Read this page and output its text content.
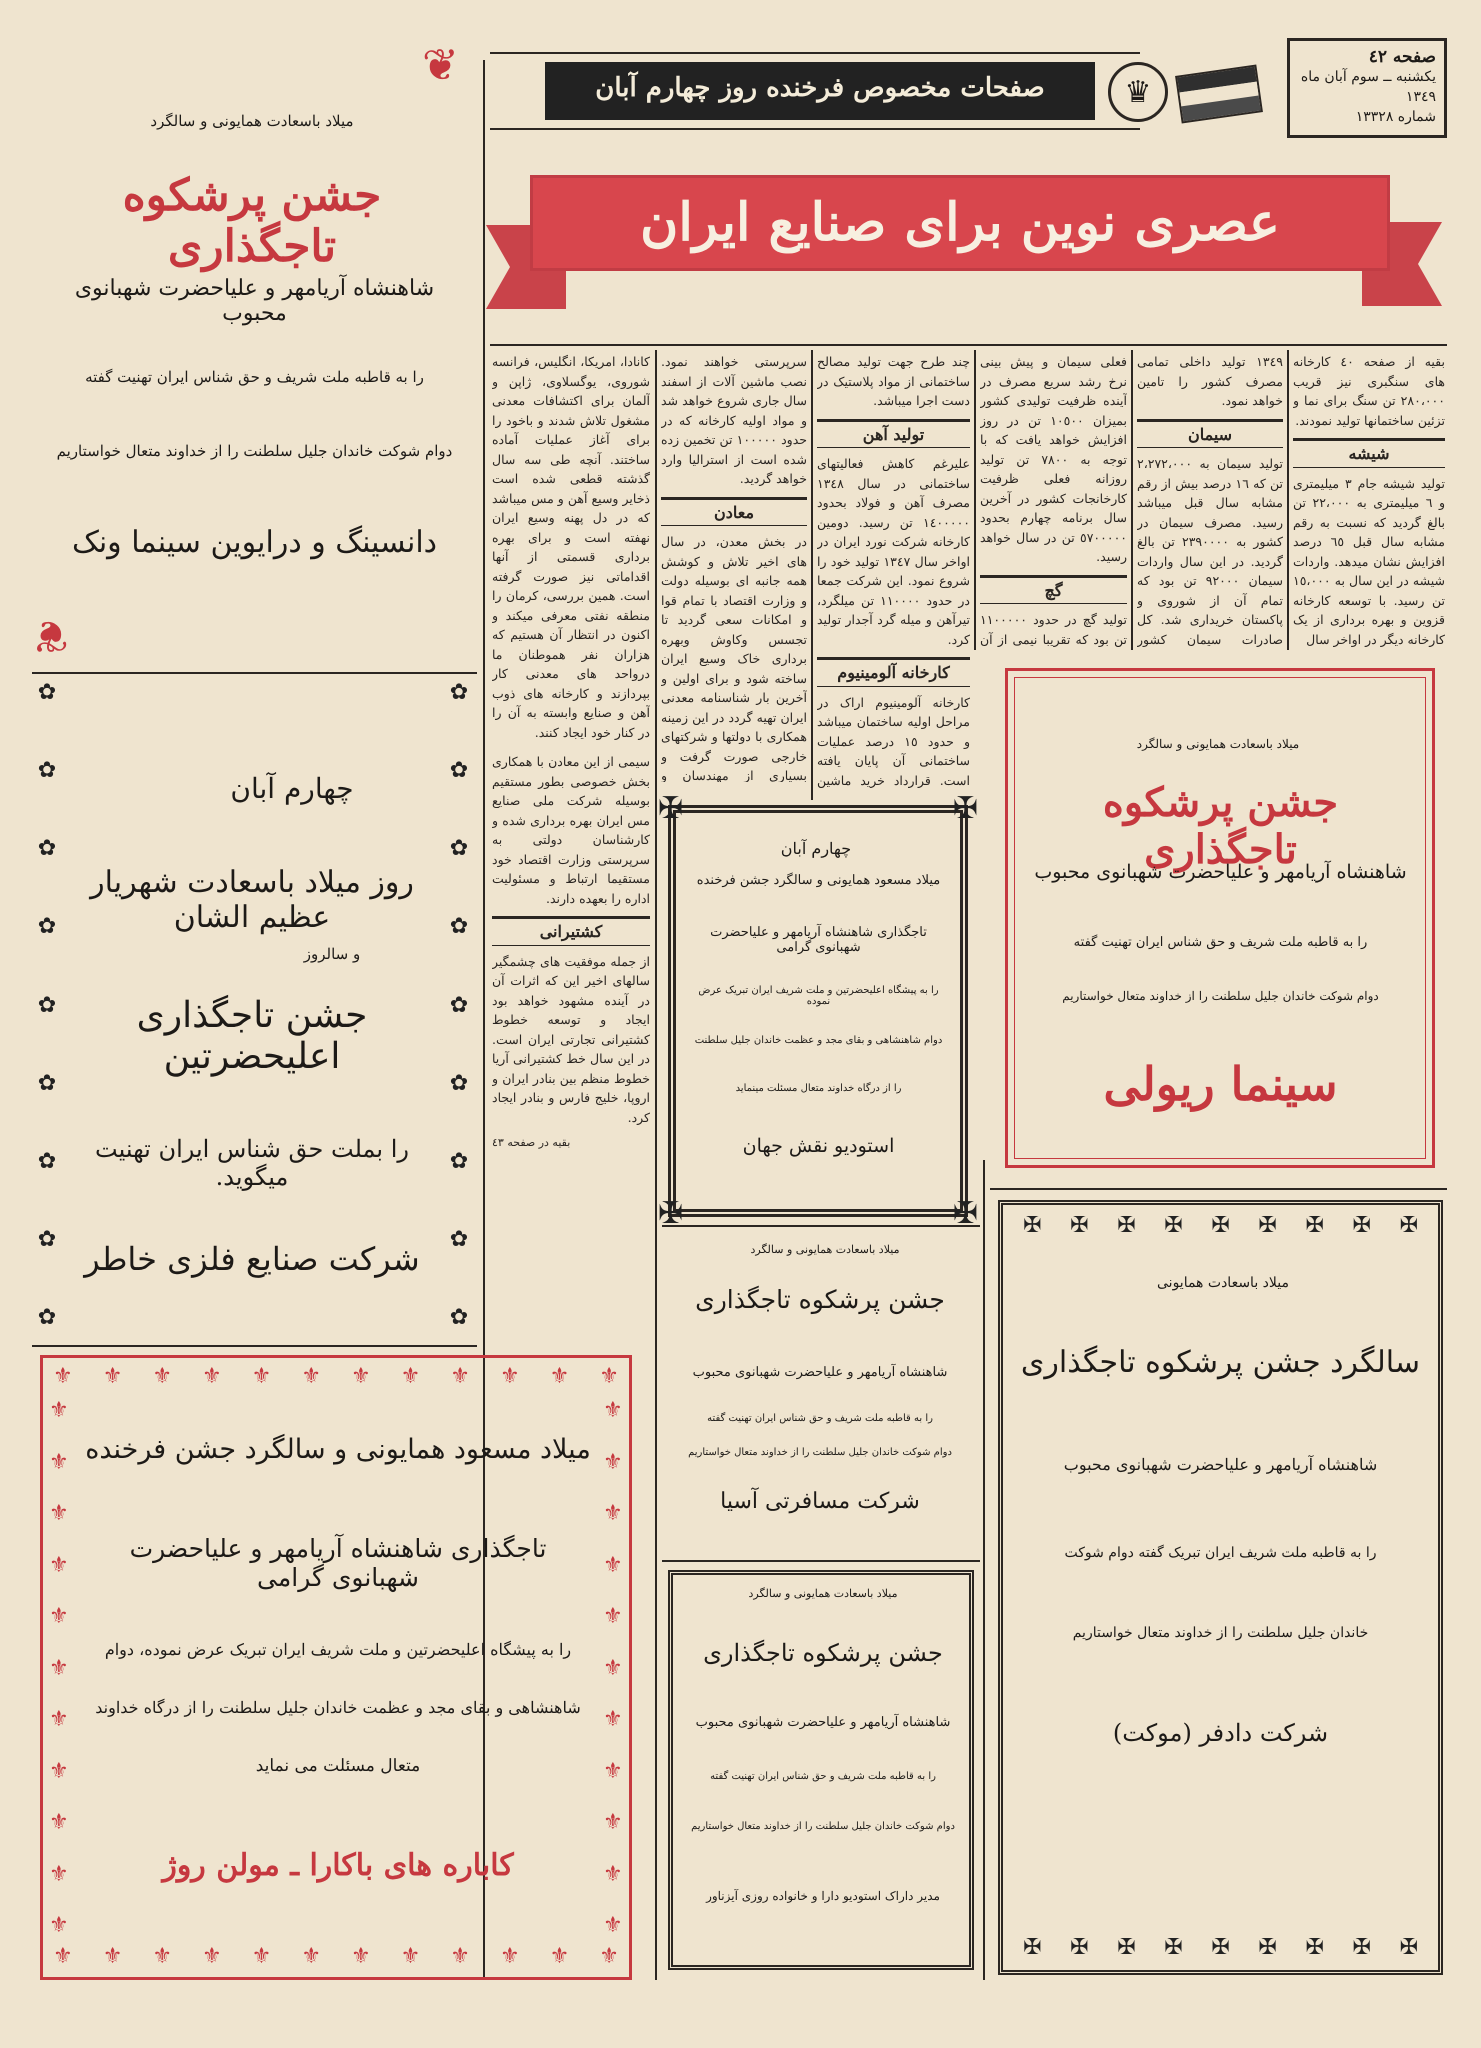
صفحه ٤٢
یکشنبه ــ سوم آبان ماه ١٣٤٩
شماره ١٣٣٢٨
♛
صفحات مخصوص فرخنده روز چهارم آبان
عصری نوین برای صنایع ایران
بقیه از صفحه ٤٠ کارخانه های سنگبری نیز قریب ٢٨٠،٠٠٠ تن سنگ برای نما و تزئین ساختمانها تولید نمودند.
شیشه
تولید شیشه جام ٣ میلیمتری و ٦ میلیمتری به ٢٢،٠٠٠ تن بالغ گردید که نسبت به رقم مشابه سال قبل ٦٥ درصد افزایش نشان میدهد. واردات شیشه در این سال به ١٥،٠٠٠ تن رسید. با توسعه کارخانه قزوین و بهره برداری از یک کارخانه دیگر در اواخر سال
١٣٤٩ تولید داخلی تمامی مصرف کشور را تامین خواهد نمود.
سیمان
تولید سیمان به ٢،٢٧٢،٠٠٠ تن که ١٦ درصد بیش از رقم مشابه سال قبل میباشد رسید. مصرف سیمان در کشور به ٢٣٩٠٠٠٠ تن بالغ گردید. در این سال واردات سیمان ٩٢٠٠٠ تن بود که تمام آن از شوروی و پاکستان خریداری شد. کل صادرات سیمان کشور
فعلی سیمان و پیش بینی نرخ رشد سریع مصرف در آینده ظرفیت تولیدی کشور بمیزان ١٠٥٠٠ تن در روز افزایش خواهد یافت که با توجه به ٧٨٠٠ تن تولید روزانه فعلی ظرفیت کارخانجات کشور در آخرین سال برنامه چهارم بحدود ٥٧٠٠٠٠٠ تن در سال خواهد رسید.
گچ
تولید گچ در حدود ١١٠٠٠٠٠ تن بود که تقریبا نیمی از آن
چند طرح جهت تولید مصالح ساختمانی از مواد پلاستیک در دست اجرا میباشد.
تولید آهن
علیرغم کاهش فعالیتهای ساختمانی در سال ١٣٤٨ مصرف آهن و فولاد بحدود ١٤٠٠٠٠٠ تن رسید. دومین کارخانه شرکت نورد ایران در اواخر سال ١٣٤٧ تولید خود را شروع نمود. این شرکت جمعا در حدود ١١٠٠٠٠ تن میلگرد، تیرآهن و میله گرد آجدار تولید کرد.
کارخانه آلومینیوم
کارخانه آلومینیوم اراک در مراحل اولیه ساختمان میباشد و حدود ١٥ درصد عملیات ساختمانی آن پایان یافته است. قرارداد خرید ماشین
سرپرستی خواهند نمود. نصب ماشین آلات از اسفند سال جاری شروع خواهد شد و مواد اولیه کارخانه که در حدود ١٠٠٠٠٠ تن تخمین زده شده است از استرالیا وارد خواهد گردید.
معادن
در بخش معدن، در سال های اخیر تلاش و کوشش همه جانبه ای بوسیله دولت و وزارت اقتصاد با تمام قوا و امکانات سعی گردید تا تجسس وکاوش وبهره برداری خاک وسیع ایران ساخته شود و برای اولین و آخرین بار شناسنامه معدنی ایران تهیه گردد در این زمینه همکاری با دولتها و شرکتهای خارجی صورت گرفت و بسیاری از مهندسان و
کانادا، امریکا، انگلیس، فرانسه شوروی، یوگسلاوی، ژاپن و آلمان برای اکتشافات معدنی مشغول تلاش شدند و باخود را برای آغاز عملیات آماده ساختند. آنچه طی سه سال گذشته قطعی شده است ذخایر وسیع آهن و مس میباشد که در دل پهنه وسیع ایران نهفته است و برای بهره برداری قسمتی از آنها اقداماتی نیز صورت گرفته است. همین بررسی، کرمان را منطقه نفتی معرفی میکند و اکنون در انتظار آن هستیم که هزاران نفر هموطنان ما درواحد های معدنی کار بپردازند و کارخانه های ذوب آهن و صنایع وابسته به آن را در کنار خود ایجاد کنند.
سیمی از این معادن با همکاری بخش خصوصی بطور مستقیم بوسیله شرکت ملی صنایع مس ایران بهره برداری شده و کارشناسان دولتی به سرپرستی وزارت اقتصاد خود مستقیما ارتباط و مسئولیت اداره را بعهده دارند.
کشتیرانی
از جمله موفقیت های چشمگیر سالهای اخیر این که اثرات آن در آینده مشهود خواهد بود ایجاد و توسعه خطوط کشتیرانی تجارتی ایران است. در این سال خط کشتیرانی آریا خطوط منظم بین بنادر ایران و اروپا، خلیج فارس و بنادر ایجاد کرد.
بقیه در صفحه ٤٣
❦
❦
میلاد باسعادت همایونی و سالگرد
جشن پرشکوه تاجگذاری
شاهنشاه آریامهر و علیاحضرت شهبانوی محبوب
را به قاطبه ملت شریف و حق شناس ایران تهنیت گفته
دوام شوکت خاندان جلیل سلطنت را از خداوند متعال خواستاریم
دانسینگ و درایوین سینما ونک
✿
✿
✿
✿
✿
✿
✿
✿
✿
✿
✿
✿
✿
✿
✿
✿
✿
✿
چهارم آبان
روز میلاد باسعادت شهریار عظیم الشان
و سالروز
جشن تاجگذاری اعلیحضرتین
را بملت حق شناس ایران تهنیت میگوید.
شرکت صنایع فلزی خاطر
⚜
⚜
⚜
⚜
⚜
⚜
⚜
⚜
⚜
⚜
⚜
⚜
⚜
⚜
⚜
⚜
⚜
⚜
⚜
⚜
⚜
⚜
⚜
⚜
⚜
⚜
⚜
⚜
⚜
⚜
⚜
⚜
⚜
⚜
⚜
⚜
⚜
⚜
⚜
⚜
⚜
⚜
⚜
⚜
⚜
⚜
میلاد مسعود همایونی و سالگرد جشن فرخنده
تاجگذاری شاهنشاه آریامهر و علیاحضرت شهبانوی گرامی
را به پیشگاه اعلیحضرتین و ملت شریف ایران تبریک عرض نموده، دوام
شاهنشاهی و بقای مجد و عظمت خاندان جلیل سلطنت را از درگاه خداوند
متعال مسئلت می نماید
کاباره های باکارا ـ مولن روژ
✠	✠
✠	✠
چهارم آبان
میلاد مسعود همایونی و سالگرد جشن فرخنده
تاجگذاری شاهنشاه آریامهر و علیاحضرت شهبانوی گرامی
را به پیشگاه اعلیحضرتین و ملت شریف ایران تبریک عرض نموده
دوام شاهنشاهی و بقای مجد و عظمت خاندان جلیل سلطنت
را از درگاه خداوند متعال مسئلت مینماید
استودیو نقش جهان
میلاد باسعادت همایونی و سالگرد
جشن پرشکوه تاجگذاری
شاهنشاه آریامهر و علیاحضرت شهبانوی محبوب
را به قاطبه ملت شریف و حق شناس ایران تهنیت گفته
دوام شوکت خاندان جلیل سلطنت را از خداوند متعال خواستاریم
شرکت مسافرتی آسیا
میلاد باسعادت همایونی و سالگرد
جشن پرشکوه تاجگذاری
شاهنشاه آریامهر و علیاحضرت شهبانوی محبوب
را به قاطبه ملت شریف و حق شناس ایران تهنیت گفته
دوام شوکت خاندان جلیل سلطنت را از خداوند متعال خواستاریم
مدیر داراک استودیو دارا و خانواده روزی آیزناور
میلاد باسعادت همایونی و سالگرد
جشن پرشکوه تاجگذاری
شاهنشاه آریامهر و علیاحضرت شهبانوی محبوب
را به قاطبه ملت شریف و حق شناس ایران تهنیت گفته
دوام شوکت خاندان جلیل سلطنت را از خداوند متعال خواستاریم
سینما ریولی
✠
✠
✠
✠
✠
✠
✠
✠
✠
میلاد باسعادت همایونی
سالگرد جشن پرشکوه تاجگذاری
شاهنشاه آریامهر و علیاحضرت شهبانوی محبوب
را به قاطبه ملت شریف ایران تبریک گفته دوام شوکت
خاندان جلیل سلطنت را از خداوند متعال خواستاریم
شرکت دادفر (موکت)
✠
✠
✠
✠
✠
✠
✠
✠
✠
